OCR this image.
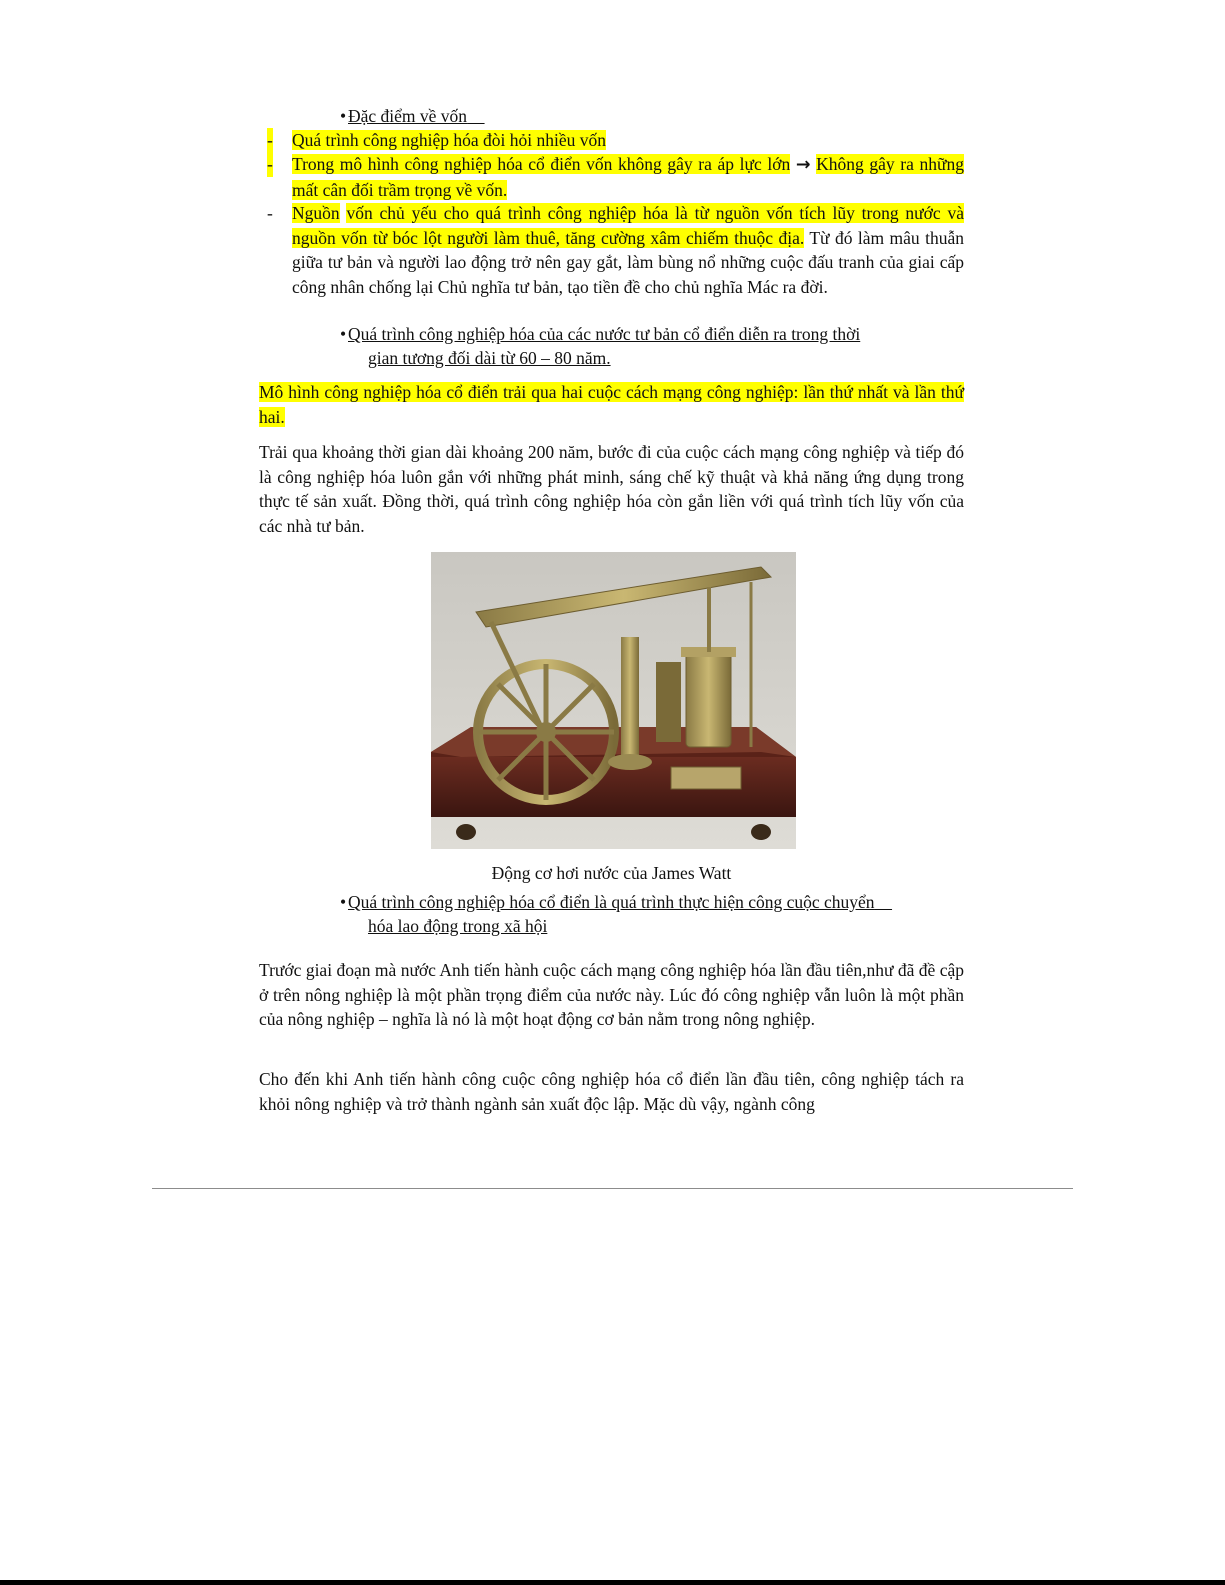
• Đặc điểm về vốn
- Quá trình công nghiệp hóa đòi hỏi nhiều vốn
- Trong mô hình công nghiệp hóa cổ điển vốn không gây ra áp lực lớn → Không gây ra những mất cân đối trầm trọng về vốn.
- Nguồn vốn chủ yếu cho quá trình công nghiệp hóa là từ nguồn vốn tích lũy trong nước và nguồn vốn từ bóc lột người làm thuê, tăng cường xâm chiếm thuộc địa. Từ đó làm mâu thuẫn giữa tư bản và người lao động trở nên gay gắt, làm bùng nổ những cuộc đấu tranh của giai cấp công nhân chống lại Chủ nghĩa tư bản, tạo tiền đề cho chủ nghĩa Mác ra đời.
• Quá trình công nghiệp hóa của các nước tư bản cổ điển diễn ra trong thời
gian tương đối dài từ 60 – 80 năm.
Mô hình công nghiệp hóa cổ điển trải qua hai cuộc cách mạng công nghiệp: lần thứ nhất và lần thứ hai.
Trải qua khoảng thời gian dài khoảng 200 năm, bước đi của cuộc cách mạng công nghiệp và tiếp đó là công nghiệp hóa luôn gắn với những phát minh, sáng chế kỹ thuật và khả năng ứng dụng trong thực tế sản xuất. Đồng thời, quá trình công nghiệp hóa còn gắn liền với quá trình tích lũy vốn của các nhà tư bản.
Động cơ hơi nước của James Watt
• Quá trình công nghiệp hóa cổ điển là quá trình thực hiện công cuộc chuyển
hóa lao động trong xã hội
Trước giai đoạn mà nước Anh tiến hành cuộc cách mạng công nghiệp hóa lần đầu tiên,như đã đề cập ở trên nông nghiệp là một phần trọng điểm của nước này. Lúc đó công nghiệp vẫn luôn là một phần của nông nghiệp – nghĩa là nó là một hoạt động cơ bản nằm trong nông nghiệp.
Cho đến khi Anh tiến hành công cuộc công nghiệp hóa cổ điển lần đầu tiên, công nghiệp tách ra khỏi nông nghiệp và trở thành ngành sản xuất độc lập. Mặc dù vậy, ngành công
